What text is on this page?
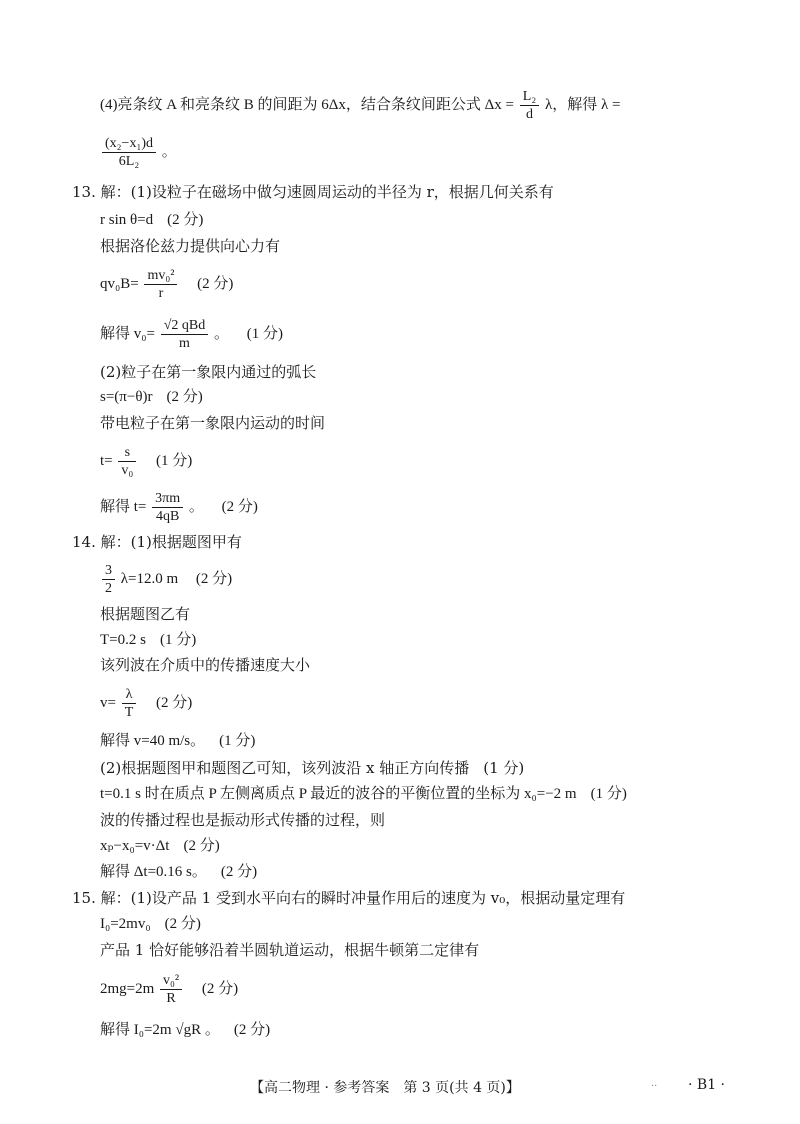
(4)亮条纹 A 和亮条纹 B 的间距为 6Δx，结合条纹间距公式 $\Delta x = \frac{\text{L₂}}{d}$ λ，解得 λ =
$\frac{\text{(x₂−x₁)d}}{\text{6L₂}}$ 。
13. 解：(1)设粒子在磁场中做匀速圆周运动的半径为 r，根据几何关系有
r sin θ=d (2 分)
根据洛伦兹力提供向心力有
$qv_0B= \frac{\text{mv₀²}}{r} (2$ 分)
解得 $v_0= \frac{\text{√2 qBd}}{m}$ 。 (1 分)
(2)粒子在第一象限内通过的弧长
s=(π−θ)r (2 分)
带电粒子在第一象限内运动的时间
$t= \frac{s}{\text{v₀}} (1$ 分)
解得 $t= \frac{3\pi m}{4qB}$ 。 (2 分)
14. 解：(1)根据题图甲有
$\frac{3}{2} \lambda=12.0$ m (2 分)
根据题图乙有
T=0.2 s (1 分)
该列波在介质中的传播速度大小
$v= \frac{\lambda}{T} (2$ 分)
解得 v=40 m/s。 (1 分)
(2)根据题图甲和题图乙可知，该列波沿 x 轴正方向传播 (1 分)
t=0.1 s 时在质点 P 左侧离质点 P 最近的波谷的平衡位置的坐标为 x₀=−2 m (1 分)
波的传播过程也是振动形式传播的过程，则
xₚ−x₀=v·Δt (2 分)
解得 Δt=0.16 s。 (2 分)
15. 解：(1)设产品 1 受到水平向右的瞬时冲量作用后的速度为 v₀，根据动量定理有
I₀=2mv₀ (2 分)
产品 1 恰好能够沿着半圆轨道运动，根据牛顿第二定律有
$2mg=2m \frac{\text{v₀²}}{R} (2$ 分)
解得 I₀=2m √gR 。 (2 分)
【高二物理 · 参考答案　第 3 页(共 4 页)】	·· · B1 ·
